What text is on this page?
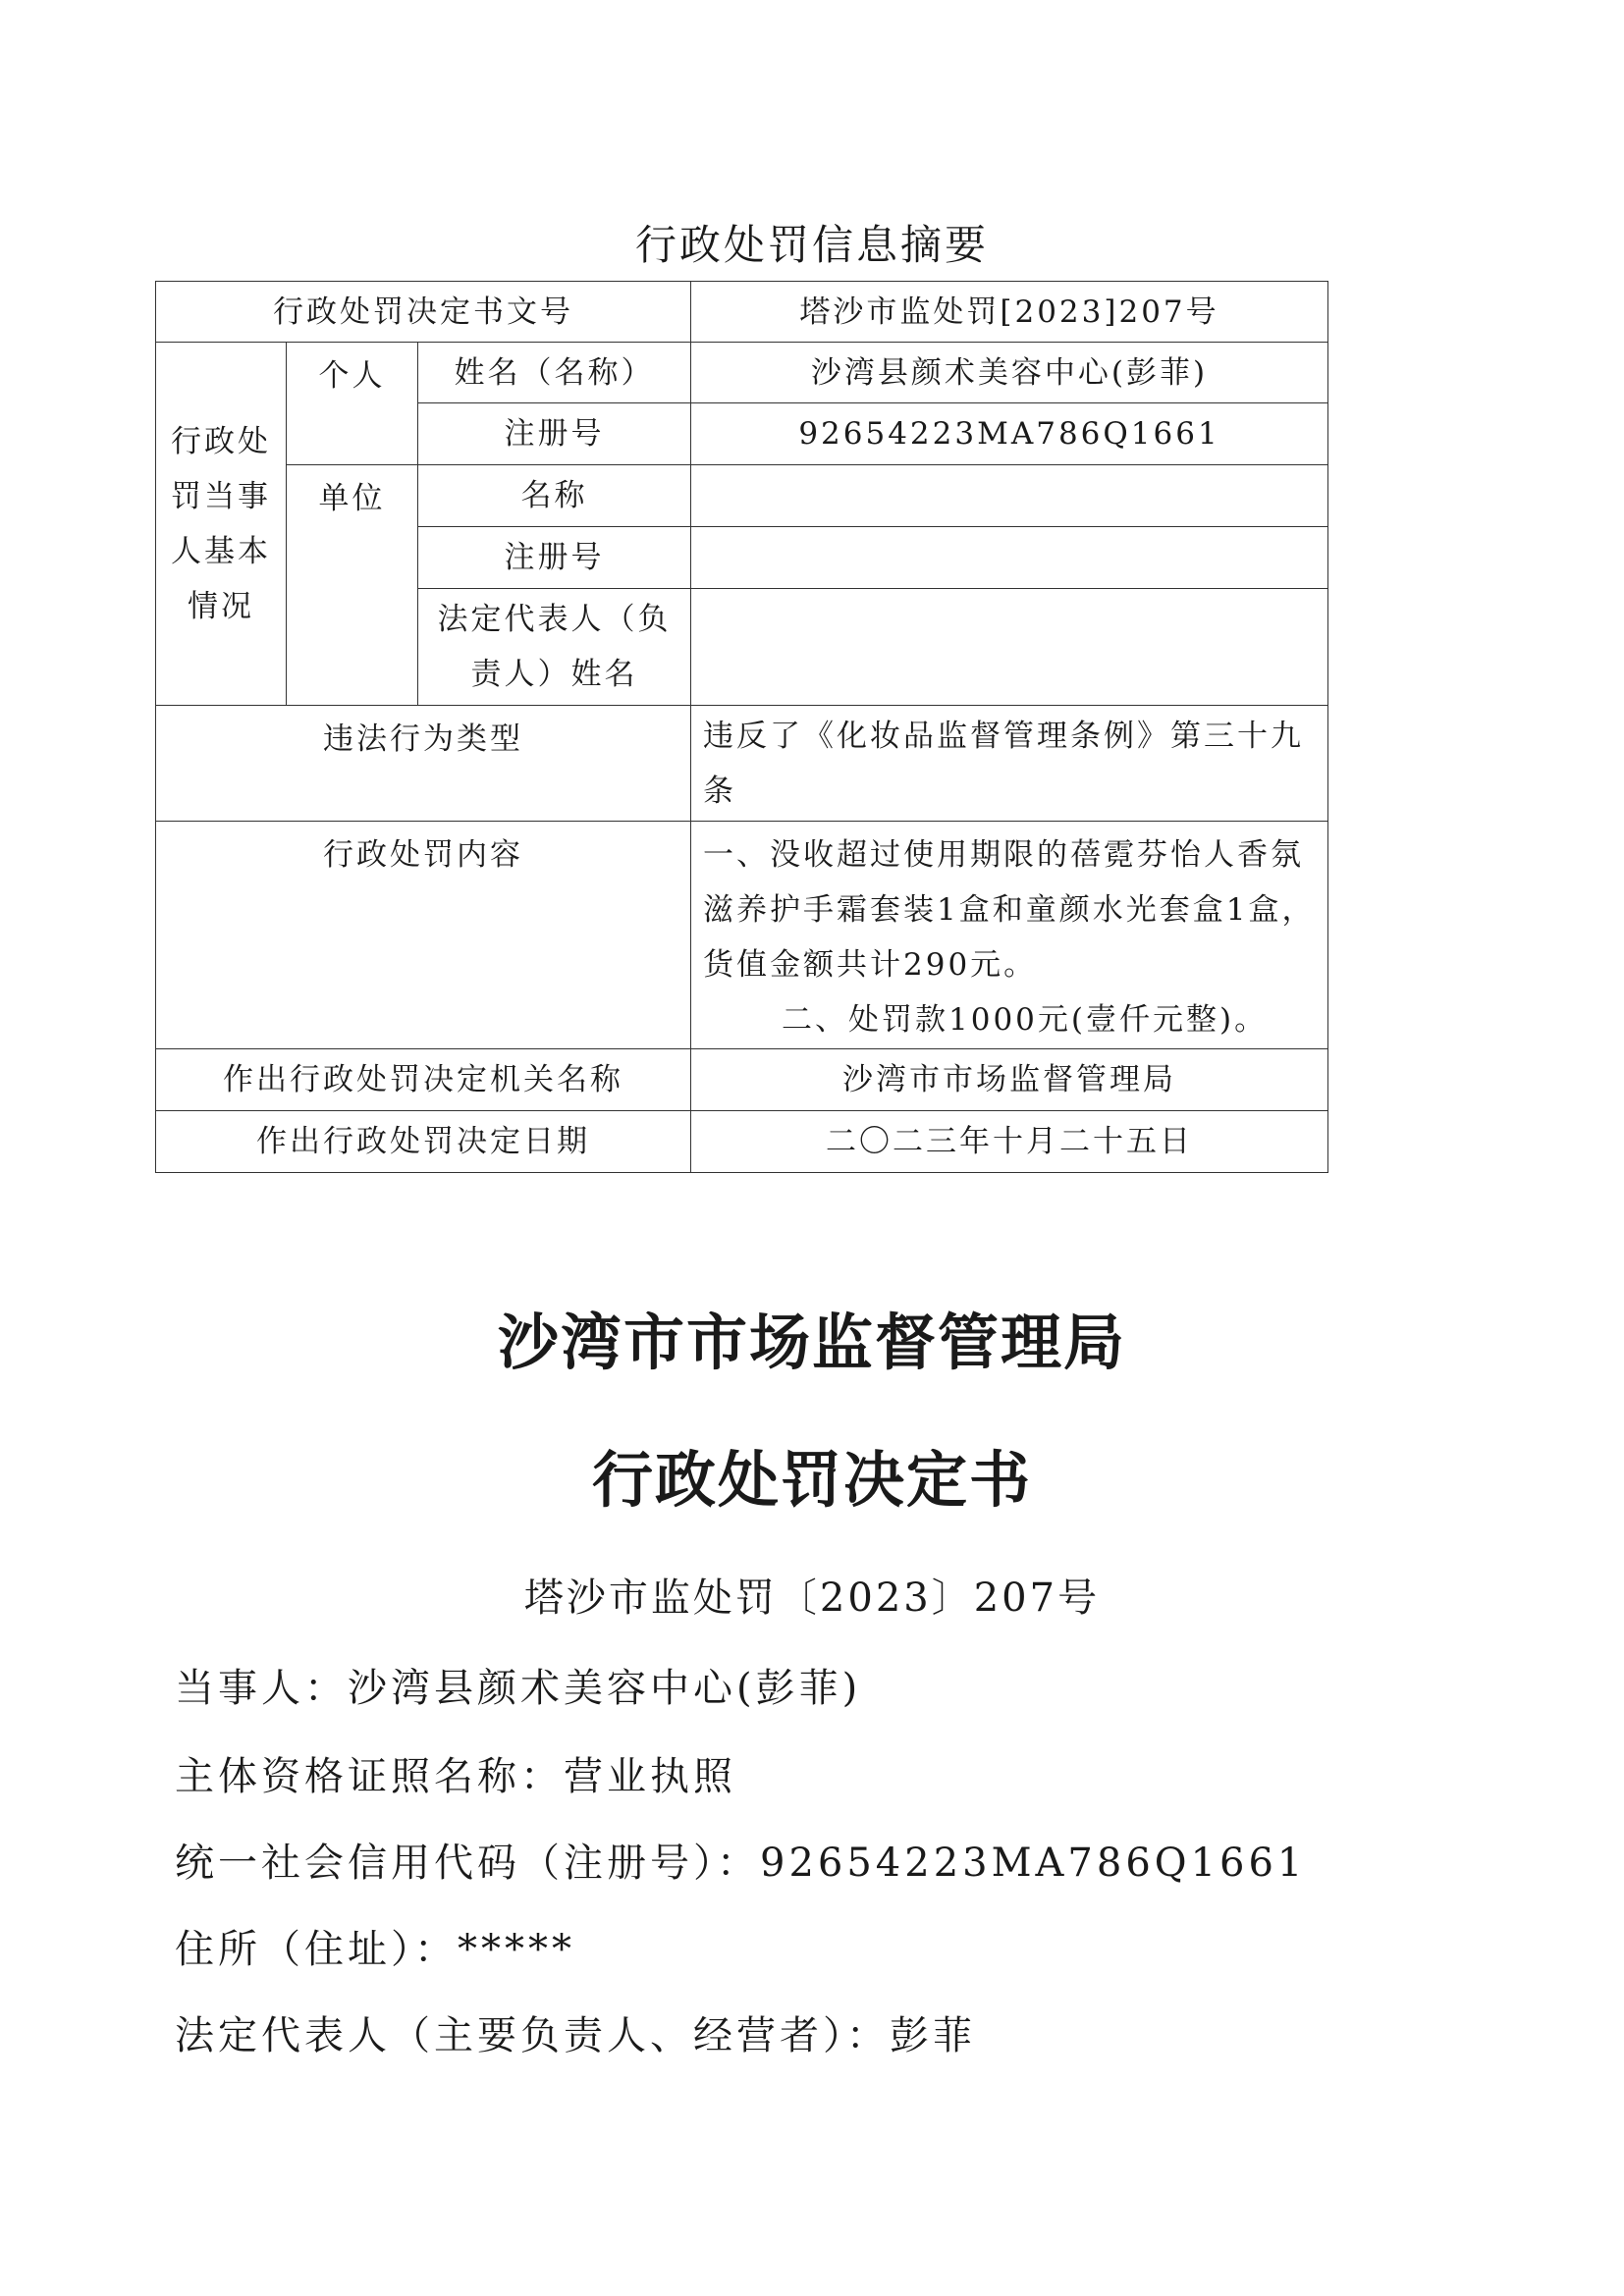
行政处罚信息摘要
行政处罚决定书文号			塔沙市监处罚[2023]207号
行政处罚当事人基本情况	个人	姓名（名称）	沙湾县颜术美容中心(彭菲)
		注册号	92654223MA786Q1661
	单位	名称	
		注册号	
		法定代表人（负责人）姓名	
违法行为类型			违反了《化妆品监督管理条例》第三十九条
行政处罚内容			一、没收超过使用期限的蓓霓芬怡人香氛滋养护手霜套装1盒和童颜水光套盒1盒，货值金额共计290元。
二、处罚款1000元(壹仟元整)。

作出行政处罚决定机关名称			沙湾市市场监督管理局
作出行政处罚决定日期			二〇二三年十月二十五日
沙湾市市场监督管理局
行政处罚决定书
塔沙市监处罚〔2023〕207号
当事人：沙湾县颜术美容中心(彭菲)
主体资格证照名称：营业执照
统一社会信用代码（注册号）：92654223MA786Q1661
住所（住址）：*****
法定代表人（主要负责人、经营者）：彭菲
